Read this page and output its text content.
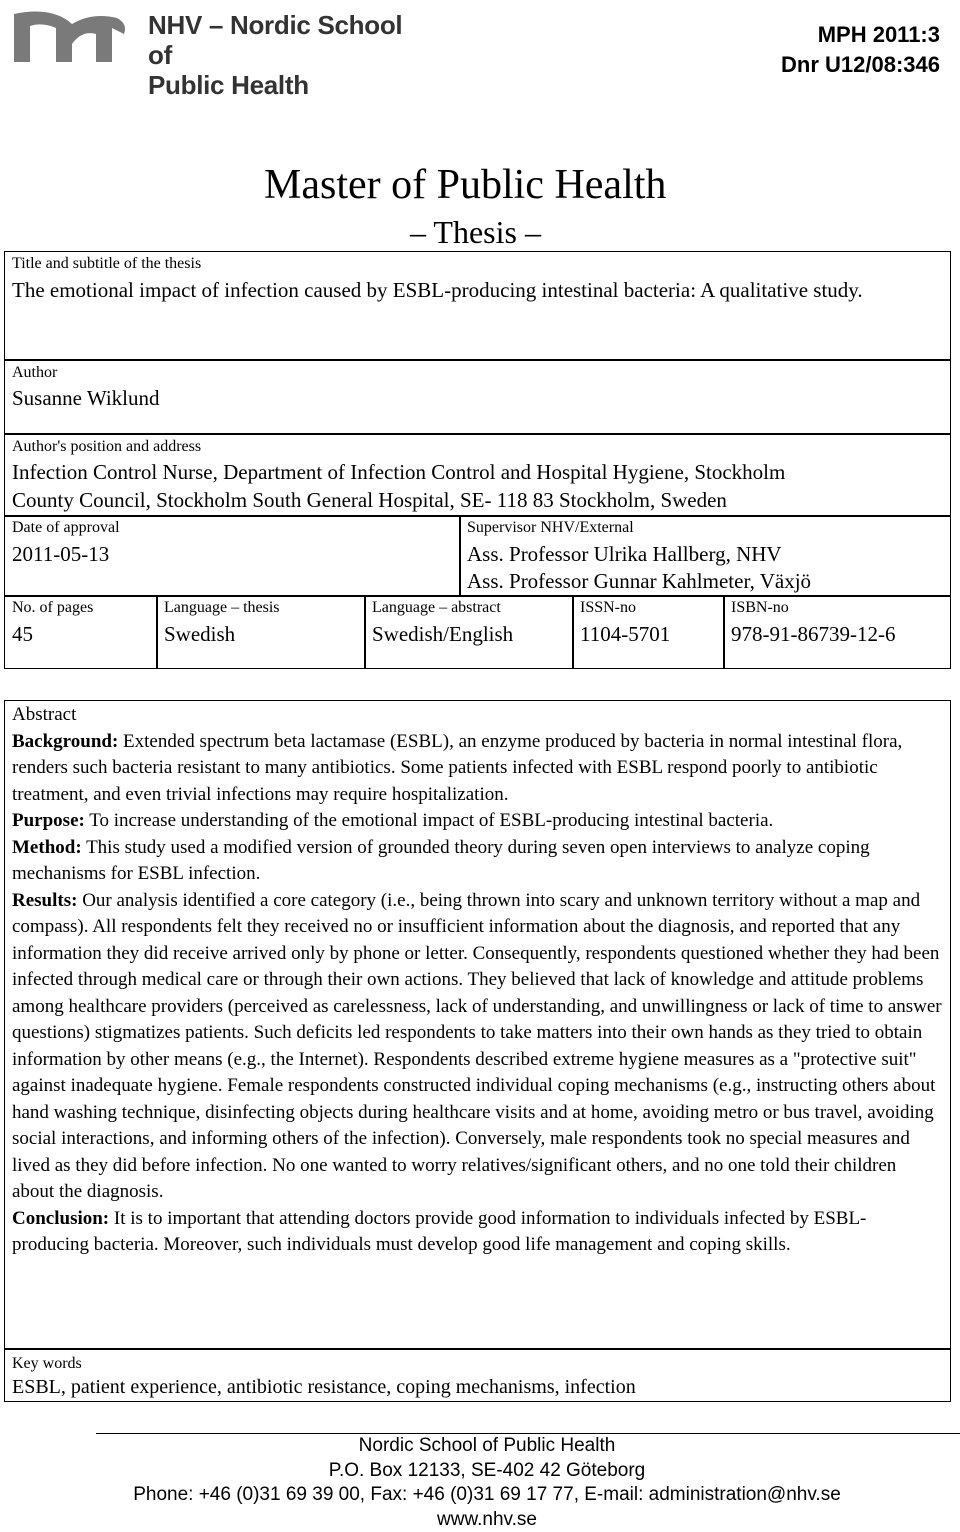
NHV – Nordic School of
Public Health
MPH 2011:3
Dnr U12/08:346
Master of Public Health
– Thesis –
Title and subtitle of the thesis
The emotional impact of infection caused by ESBL-producing intestinal bacteria: A qualitative study.
Author
Susanne Wiklund
Author's position and address
Infection Control Nurse, Department of Infection Control and Hospital Hygiene, Stockholm
County Council, Stockholm South General Hospital, SE- 118 83 Stockholm, Sweden
Date of approval
2011-05-13
Supervisor NHV/External
Ass. Professor Ulrika Hallberg, NHV
Ass. Professor Gunnar Kahlmeter, Växjö
No. of pages
45
Language – thesis
Swedish
Language – abstract
Swedish/English
ISSN-no
1104-5701
ISBN-no
978-91-86739-12-6

Abstract

Background: Extended spectrum beta lactamase (ESBL), an enzyme produced by bacteria in normal intestinal flora, renders such bacteria resistant to many antibiotics. Some patients infected with ESBL respond poorly to antibiotic treatment, and even trivial infections may require hospitalization.

Purpose: To increase understanding of the emotional impact of ESBL-producing intestinal bacteria.

Method: This study used a modified version of grounded theory during seven open interviews to analyze coping mechanisms for ESBL infection.

Results: Our analysis identified a core category (i.e., being thrown into scary and unknown territory without a map and compass). All respondents felt they received no or insufficient information about the diagnosis, and reported that any information they did receive arrived only by phone or letter. Consequently, respondents questioned whether they had been infected through medical care or through their own actions. They believed that lack of knowledge and attitude problems among healthcare providers (perceived as carelessness, lack of understanding, and unwillingness or lack of time to answer questions) stigmatizes patients. Such deficits led respondents to take matters into their own hands as they tried to obtain information by other means (e.g., the Internet). Respondents described extreme hygiene measures as a "protective suit" against inadequate hygiene. Female respondents constructed individual coping mechanisms (e.g., instructing others about hand washing technique, disinfecting objects during healthcare visits and at home, avoiding metro or bus travel, avoiding social interactions, and informing others of the infection). Conversely, male respondents took no special measures and lived as they did before infection. No one wanted to worry relatives/significant others, and no one told their children about the diagnosis.

Conclusion: It is to important that attending doctors provide good information to individuals infected by ESBL-producing bacteria. Moreover, such individuals must develop good life management and coping skills.

Key words
ESBL, patient experience, antibiotic resistance, coping mechanisms, infection
Nordic School of Public Health
P.O. Box 12133, SE-402 42 Göteborg
Phone: +46 (0)31 69 39 00, Fax: +46 (0)31 69 17 77, E-mail: administration@nhv.se
www.nhv.se
